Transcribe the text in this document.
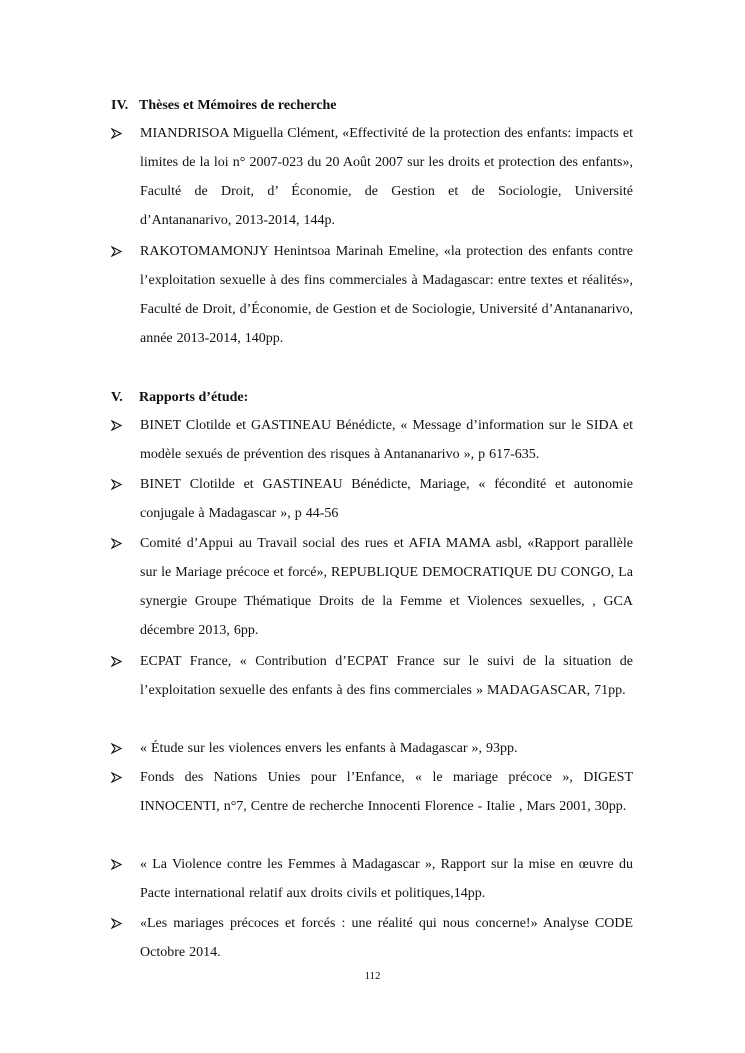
IV. Thèses et Mémoires de recherche
MIANDRISOA Miguella Clément, «Effectivité de la protection des enfants: impacts et limites de la loi n° 2007-023 du 20 Août 2007 sur les droits et protection des enfants», Faculté de Droit, d’ Économie, de Gestion et de Sociologie, Université d’Antananarivo, 2013-2014, 144p.
RAKOTOMAMONJY Henintsoa Marinah Emeline, «la protection des enfants contre l’exploitation sexuelle à des fins commerciales à Madagascar: entre textes et réalités», Faculté de Droit, d’Économie, de Gestion et de Sociologie, Université d’Antananarivo, année 2013-2014, 140pp.
V. Rapports d’étude:
BINET Clotilde et GASTINEAU Bénédicte, « Message d’information sur le SIDA et modèle sexués de prévention des risques à Antananarivo », p 617-635.
BINET Clotilde et GASTINEAU Bénédicte, Mariage, « fécondité et autonomie conjugale à Madagascar », p 44-56
Comité d’Appui au Travail social des rues et AFIA MAMA asbl, «Rapport parallèle sur le Mariage précoce et forcé», REPUBLIQUE DEMOCRATIQUE DU CONGO, La synergie Groupe Thématique Droits de la Femme et Violences sexuelles, , GCA décembre 2013, 6pp.
ECPAT France, « Contribution d’ECPAT France sur le suivi de la situation de l’exploitation sexuelle des enfants à des fins commerciales » MADAGASCAR, 71pp.
« Étude sur les violences envers les enfants à Madagascar », 93pp.
Fonds des Nations Unies pour l’Enfance, « le mariage précoce », DIGEST INNOCENTI, n°7, Centre de recherche Innocenti Florence - Italie , Mars 2001, 30pp.
« La Violence contre les Femmes à Madagascar », Rapport sur la mise en œuvre du Pacte international relatif aux droits civils et politiques,14pp.
«Les mariages précoces et forcés : une réalité qui nous concerne!» Analyse CODE Octobre 2014.
112
